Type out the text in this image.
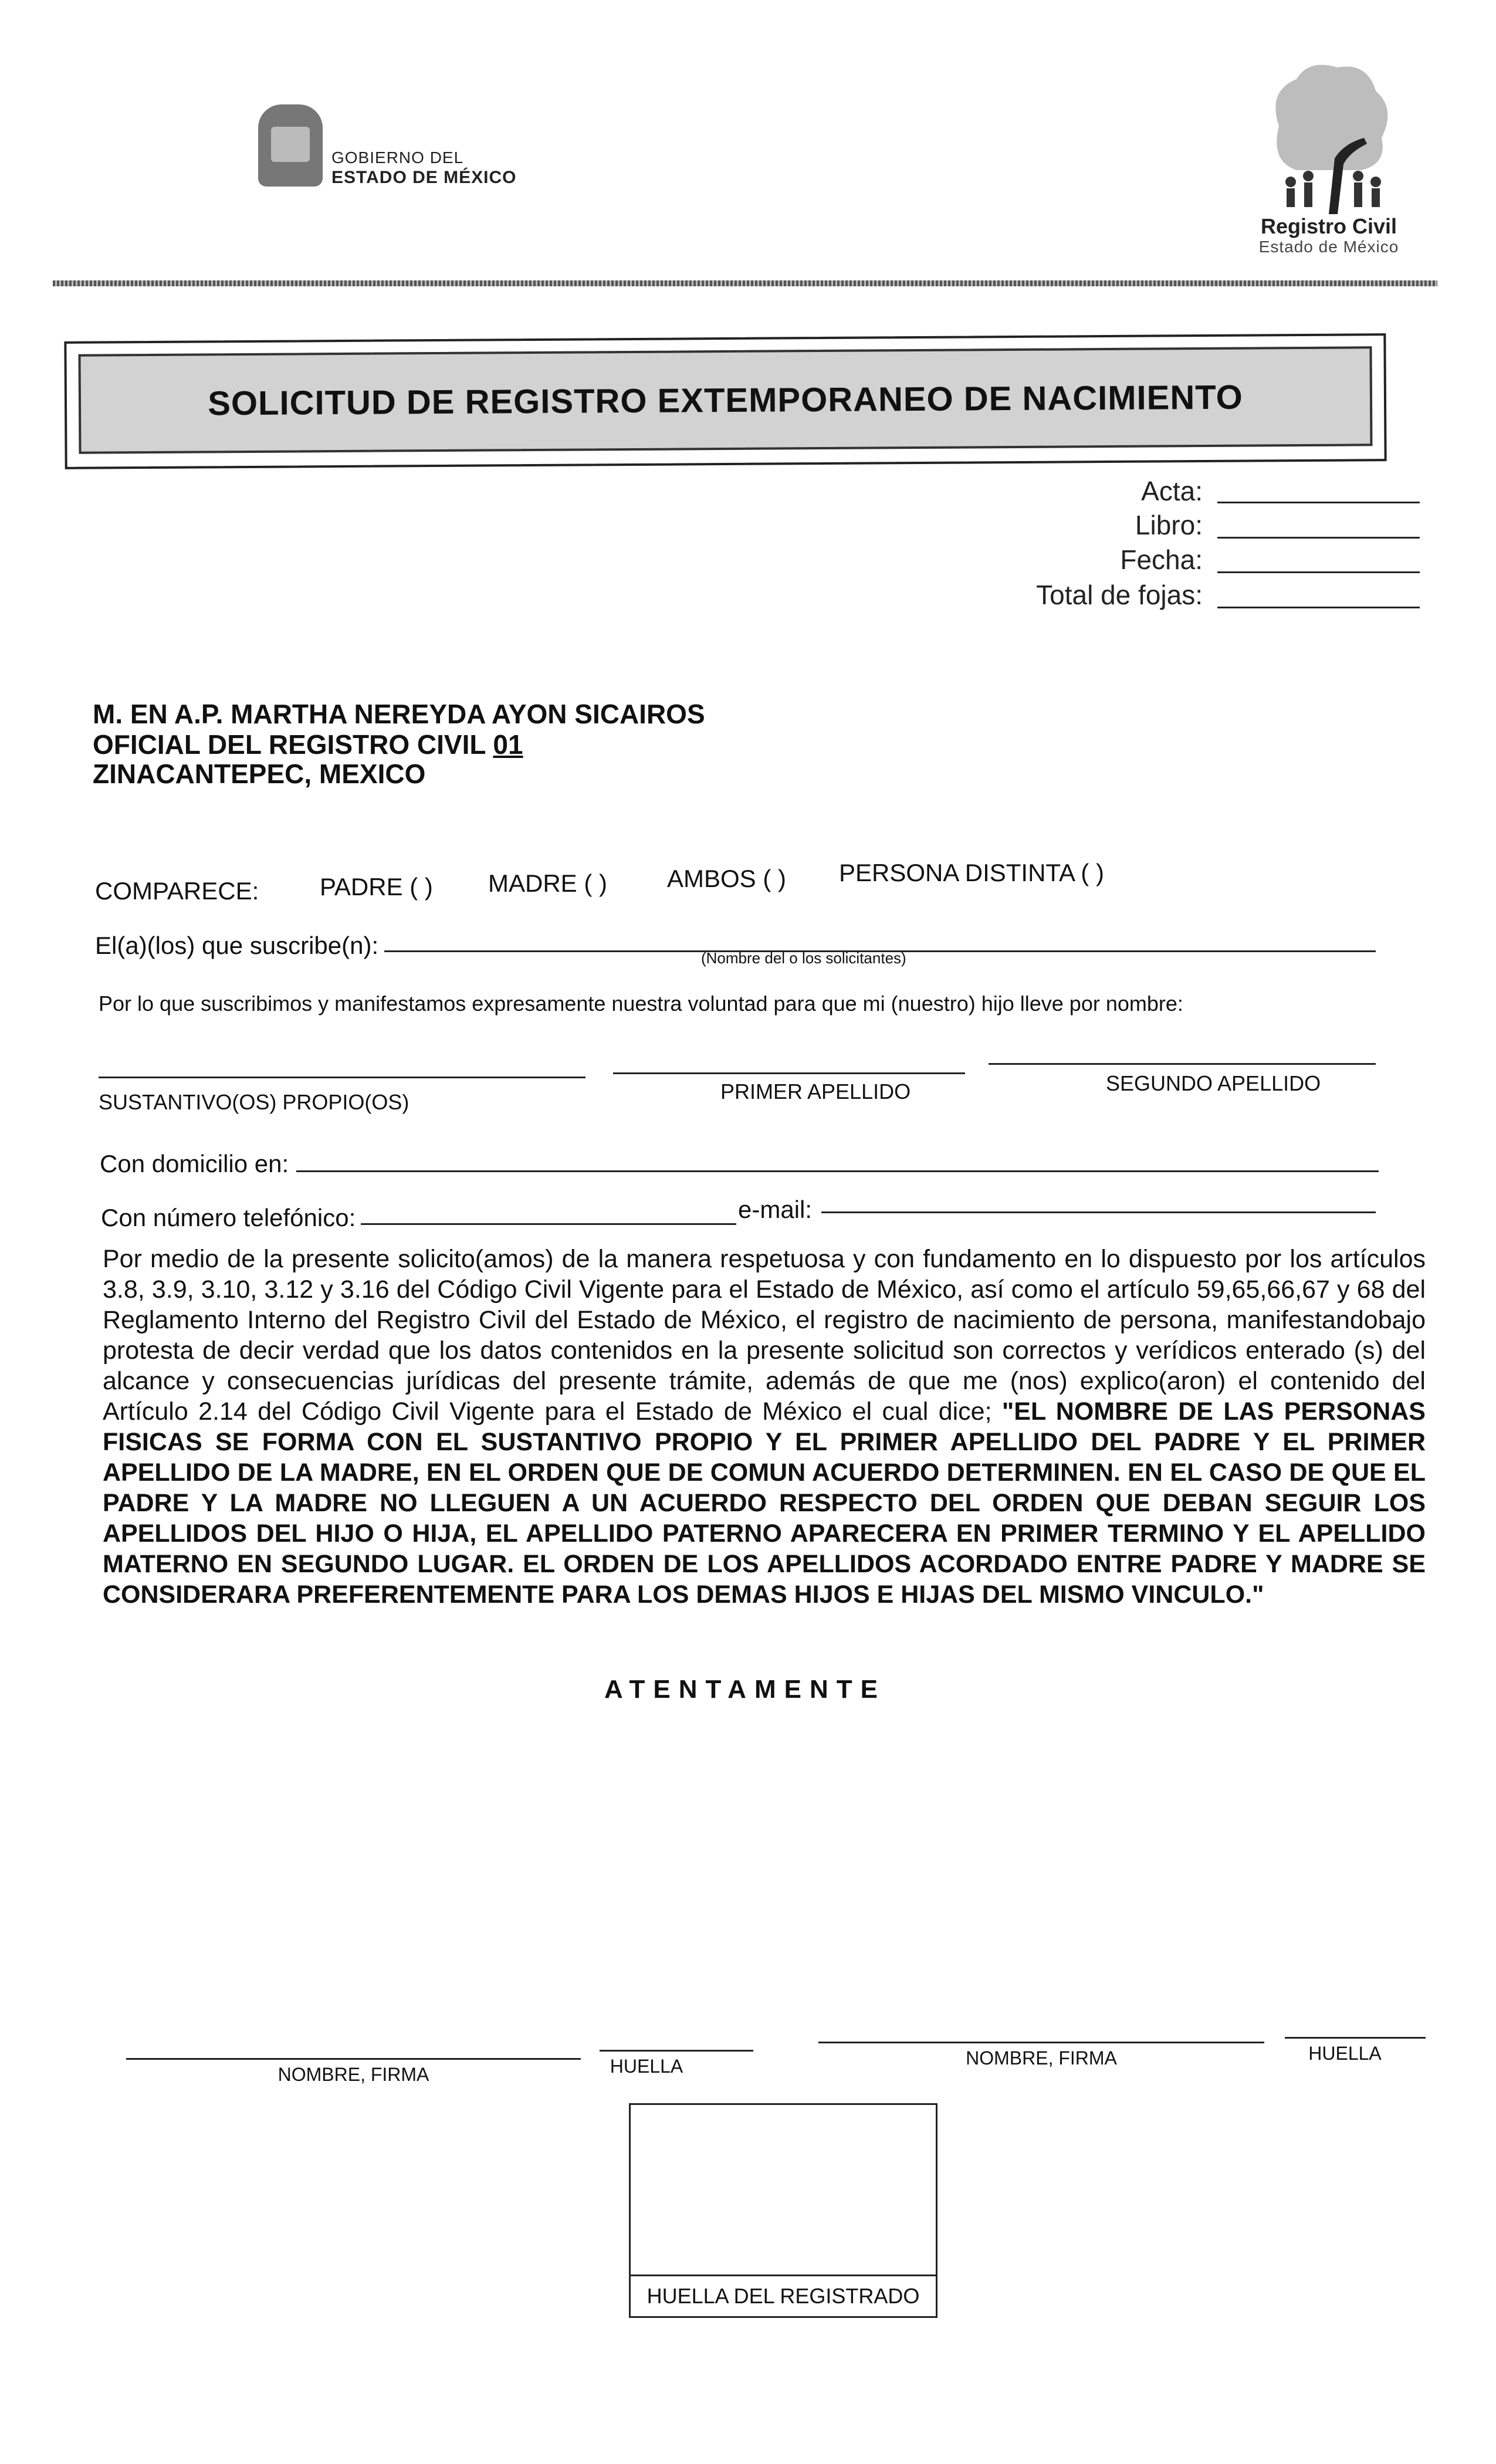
GOBIERNO DEL
ESTADO DE MÉXICO
Registro Civil
Estado de México
SOLICITUD DE REGISTRO EXTEMPORANEO DE NACIMIENTO
Acta:
Libro:
Fecha:
Total de fojas:
M. EN A.P. MARTHA NEREYDA AYON SICAIROS
OFICIAL DEL REGISTRO CIVIL 01
ZINACANTEPEC, MEXICO
COMPARECE: PADRE ( ) MADRE ( ) AMBOS ( ) PERSONA DISTINTA ( )
El(a)(los) que suscribe(n):	(Nombre del o los solicitantes)
Por lo que suscribimos y manifestamos expresamente nuestra voluntad para que mi (nuestro) hijo lleve por nombre:
SUSTANTIVO(OS) PROPIO(OS)	PRIMER APELLIDO	SEGUNDO APELLIDO
Con domicilio en:
Con número telefónico:	e-mail:
Por medio de la presente solicito(amos) de la manera respetuosa y con fundamento en lo dispuesto por los artículos 3.8, 3.9, 3.10, 3.12 y 3.16 del Código Civil Vigente para el Estado de México, así como el artículo 59,65,66,67 y 68 del Reglamento Interno del Registro Civil del Estado de México, el registro de nacimiento de persona, manifestandobajo protesta de decir verdad que los datos contenidos en la presente solicitud son correctos y verídicos enterado (s) del alcance y consecuencias jurídicas del presente trámite, además de que me (nos) explico(aron) el contenido del Artículo 2.14 del Código Civil Vigente para el Estado de México el cual dice; "EL NOMBRE DE LAS PERSONAS FISICAS SE FORMA CON EL SUSTANTIVO PROPIO Y EL PRIMER APELLIDO DEL PADRE Y EL PRIMER APELLIDO DE LA MADRE, EN EL ORDEN QUE DE COMUN ACUERDO DETERMINEN. EN EL CASO DE QUE EL PADRE Y LA MADRE NO LLEGUEN A UN ACUERDO RESPECTO DEL ORDEN QUE DEBAN SEGUIR LOS APELLIDOS DEL HIJO O HIJA, EL APELLIDO PATERNO APARECERA EN PRIMER TERMINO Y EL APELLIDO MATERNO EN SEGUNDO LUGAR. EL ORDEN DE LOS APELLIDOS ACORDADO ENTRE PADRE Y MADRE SE CONSIDERARA PREFERENTEMENTE PARA LOS DEMAS HIJOS E HIJAS DEL MISMO VINCULO."
ATENTAMENTE
NOMBRE, FIRMA	HUELLA	NOMBRE, FIRMA	HUELLA
HUELLA DEL REGISTRADO
